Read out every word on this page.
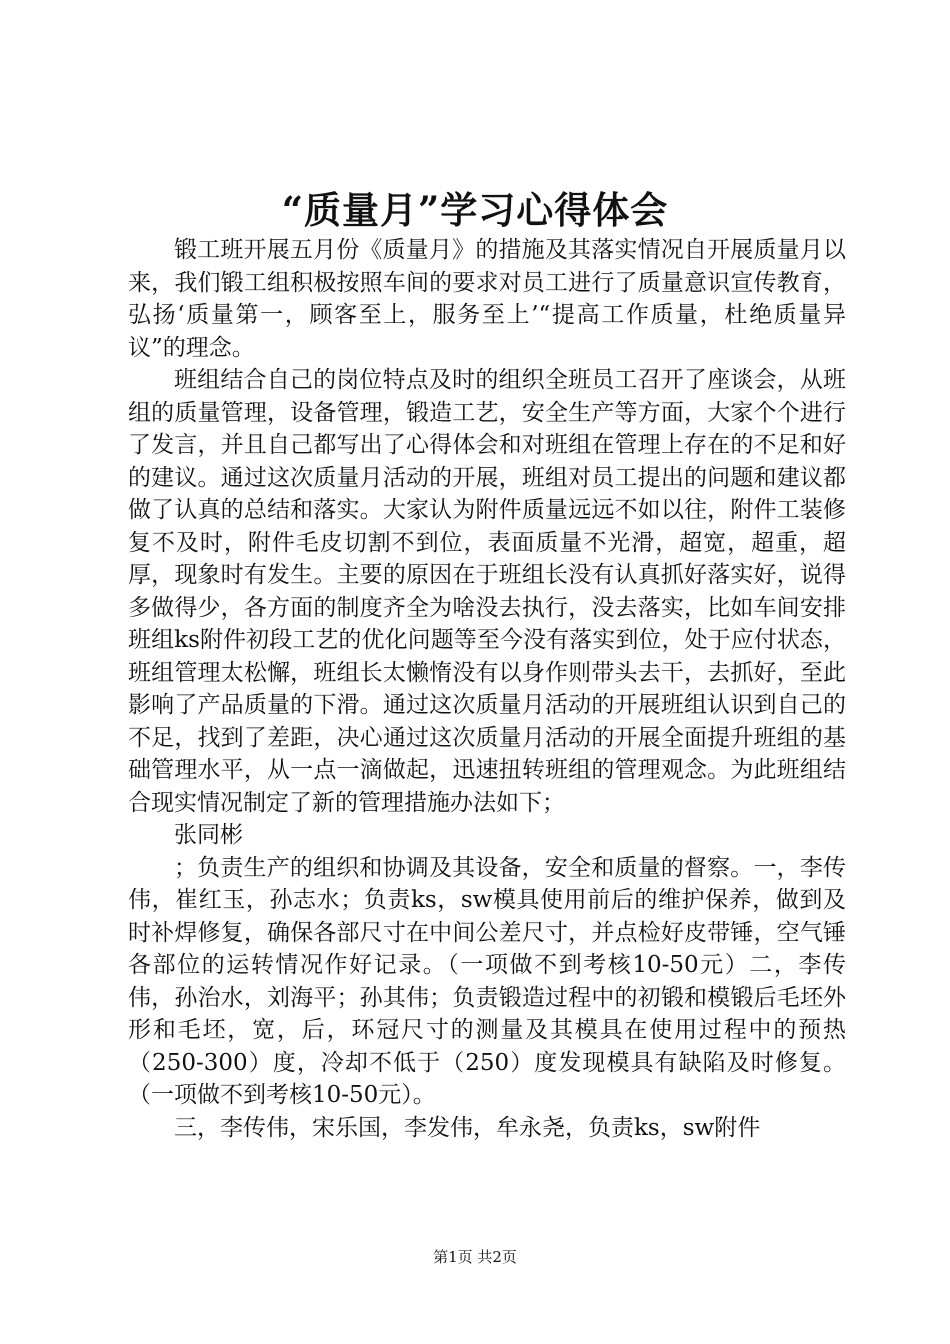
“质量月”学习心得体会

锻工班开展五月份《质量月》的措施及其落实情况自开展质量月以来，我们锻工组积极按照车间的要求对员工进行了质量意识宣传教育，弘扬‘质量第一，顾客至上，服务至上’“提高工作质量，杜绝质量异议”的理念。

班组结合自己的岗位特点及时的组织全班员工召开了座谈会，从班组的质量管理，设备管理，锻造工艺，安全生产等方面，大家个个进行了发言，并且自己都写出了心得体会和对班组在管理上存在的不足和好的建议。通过这次质量月活动的开展，班组对员工提出的问题和建议都做了认真的总结和落实。大家认为附件质量远远不如以往，附件工装修复不及时，附件毛皮切割不到位，表面质量不光滑，超宽，超重，超厚，现象时有发生。主要的原因在于班组长没有认真抓好落实好，说得多做得少，各方面的制度齐全为啥没去执行，没去落实，比如车间安排班组ks附件初段工艺的优化问题等至今没有落实到位，处于应付状态，班组管理太松懈，班组长太懒惰没有以身作则带头去干，去抓好，至此影响了产品质量的下滑。通过这次质量月活动的开展班组认识到自己的不足，找到了差距，决心通过这次质量月活动的开展全面提升班组的基础管理水平，从一点一滴做起，迅速扭转班组的管理观念。为此班组结合现实情况制定了新的管理措施办法如下；

张同彬

；负责生产的组织和协调及其设备，安全和质量的督察。一，李传伟，崔红玉，孙志水；负责ks，sw模具使用前后的维护保养，做到及时补焊修复，确保各部尺寸在中间公差尺寸，并点检好皮带锤，空气锤各部位的运转情况作好记录。（一项做不到考核10-50元）二，李传伟，孙治水，刘海平；孙其伟；负责锻造过程中的初锻和模锻后毛坯外形和毛坯，宽，后，环冠尺寸的测量及其模具在使用过程中的预热（250-300）度，冷却不低于（250）度发现模具有缺陷及时修复。（一项做不到考核10-50元）。

三，李传伟，宋乐国，李发伟，牟永尧，负责ks，sw附件

第1页 共2页
